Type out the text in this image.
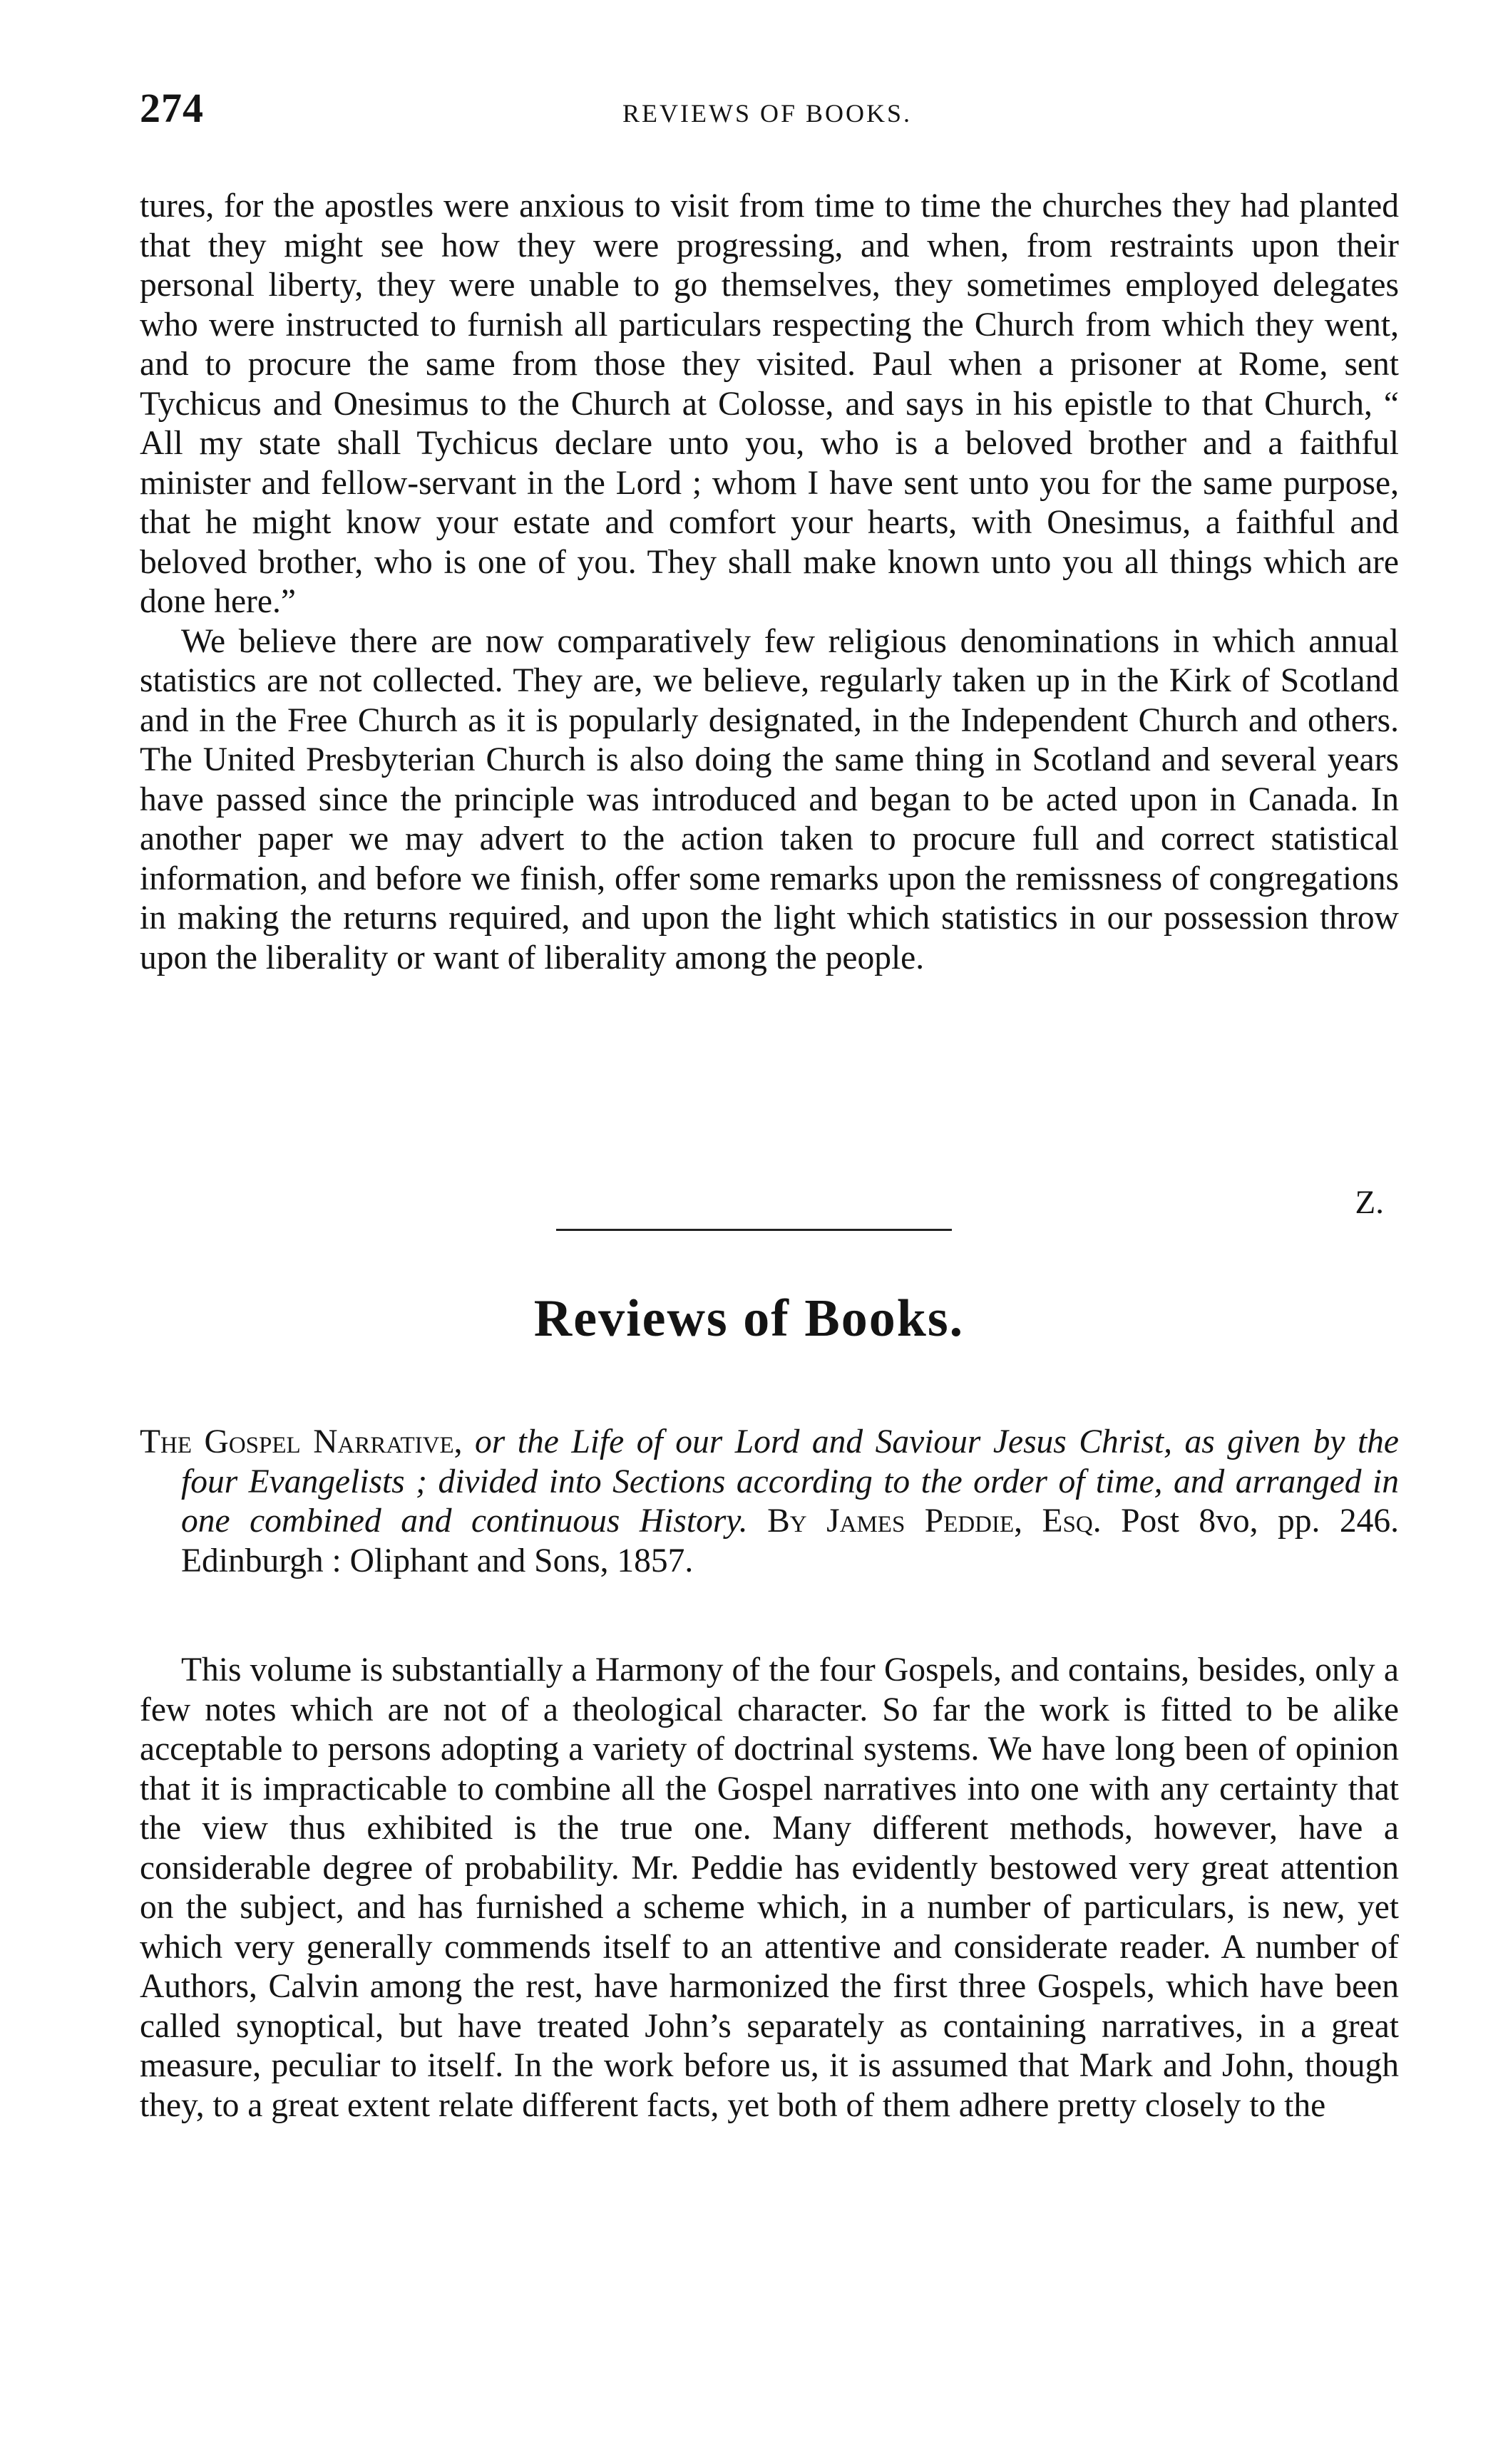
274	REVIEWS OF BOOKS.

tures, for the apostles were anxious to visit from time to time the churches they had planted that they might see how they were progressing, and when, from restraints upon their personal liberty, they were unable to go themselves, they sometimes employed delegates who were instructed to furnish all particulars respecting the Church from which they went, and to procure the same from those they visited. Paul when a prisoner at Rome, sent Tychicus and Onesimus to the Church at Colosse, and says in his epistle to that Church, “ All my state shall Tychicus declare unto you, who is a beloved brother and a faithful minister and fellow-servant in the Lord ; whom I have sent unto you for the same purpose, that he might know your estate and comfort your hearts, with Onesimus, a faithful and beloved brother, who is one of you. They shall make known unto you all things which are done here.”

We believe there are now comparatively few religious denominations in which annual statistics are not collected. They are, we believe, regularly taken up in the Kirk of Scotland and in the Free Church as it is popularly designated, in the Independent Church and others. The United Presbyterian Church is also doing the same thing in Scotland and several years have passed since the principle was introduced and began to be acted upon in Canada. In another paper we may advert to the action taken to procure full and correct statistical information, and before we finish, offer some remarks upon the remissness of congregations in making the returns required, and upon the light which statistics in our possession throw upon the liberality or want of liberality among the people.

Z.
Reviews of Books.
The Gospel Narrative, or the Life of our Lord and Saviour Jesus Christ, as given by the four Evangelists ; divided into Sections according to the order of time, and arranged in one combined and continuous History. By James Peddie, Esq. Post 8vo, pp. 246. Edinburgh : Oliphant and Sons, 1857.

This volume is substantially a Harmony of the four Gospels, and contains, besides, only a few notes which are not of a theological character. So far the work is fitted to be alike acceptable to persons adopting a variety of doctrinal systems. We have long been of opinion that it is impracticable to combine all the Gospel narratives into one with any certainty that the view thus exhibited is the true one. Many different methods, however, have a considerable degree of probability. Mr. Peddie has evidently bestowed very great attention on the subject, and has furnished a scheme which, in a number of particulars, is new, yet which very generally commends itself to an attentive and considerate reader. A number of Authors, Calvin among the rest, have harmonized the first three Gospels, which have been called synoptical, but have treated John’s separately as containing narratives, in a great measure, peculiar to itself. In the work before us, it is assumed that Mark and John, though they, to a great extent relate different facts, yet both of them adhere pretty closely to the
